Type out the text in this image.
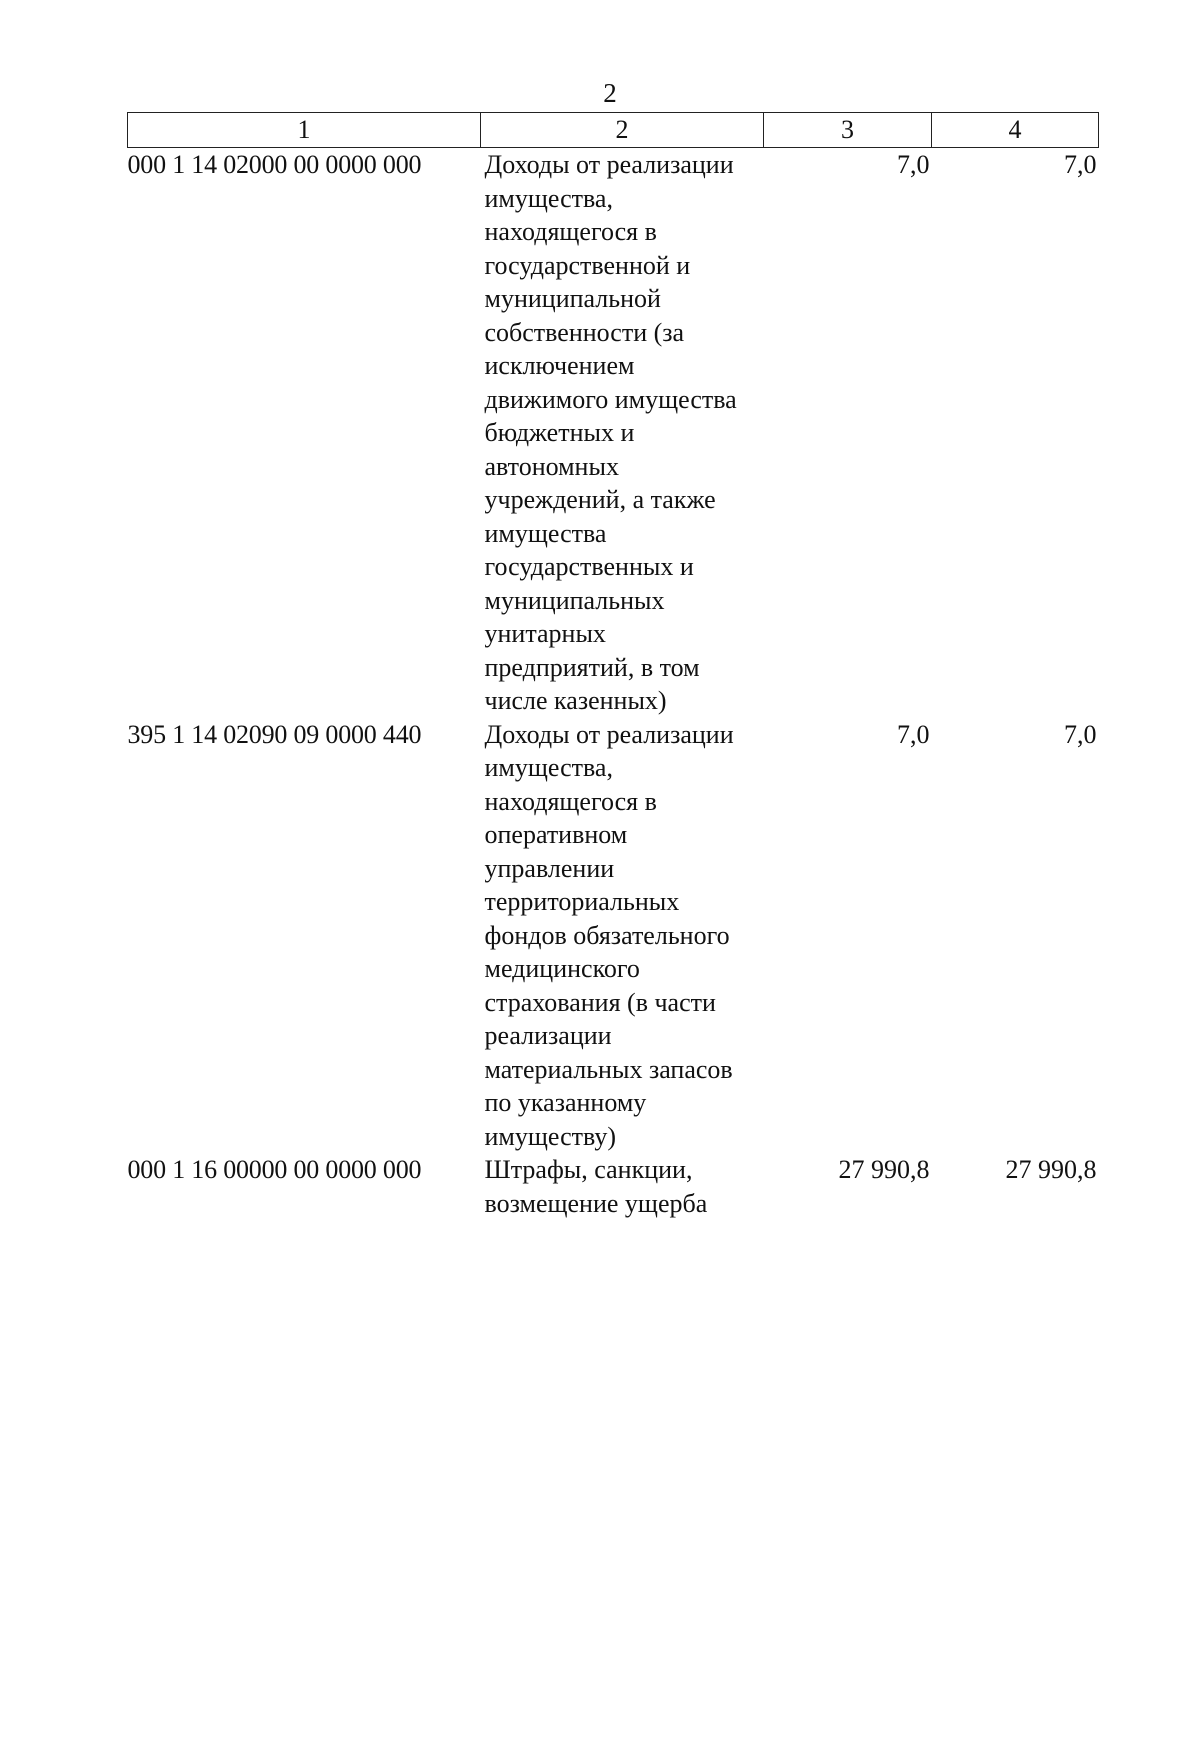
2
1	2	3	4
000 1 14 02000 00 0000 000	Доходы от реализации имущества, находящегося в государственной и муниципальной собственности (за исключением движимого имущества бюджетных и автономных учреждений, а также имущества государственных и муниципальных унитарных предприятий, в том числе казенных)	7,0	7,0
395 1 14 02090 09 0000 440	Доходы от реализации имущества, находящегося в оперативном управлении территориальных фондов обязательного медицинского страхования (в части реализации материальных запасов по указанному имуществу)	7,0	7,0
000 1 16 00000 00 0000 000	Штрафы, санкции, возмещение ущерба	27 990,8	27 990,8
